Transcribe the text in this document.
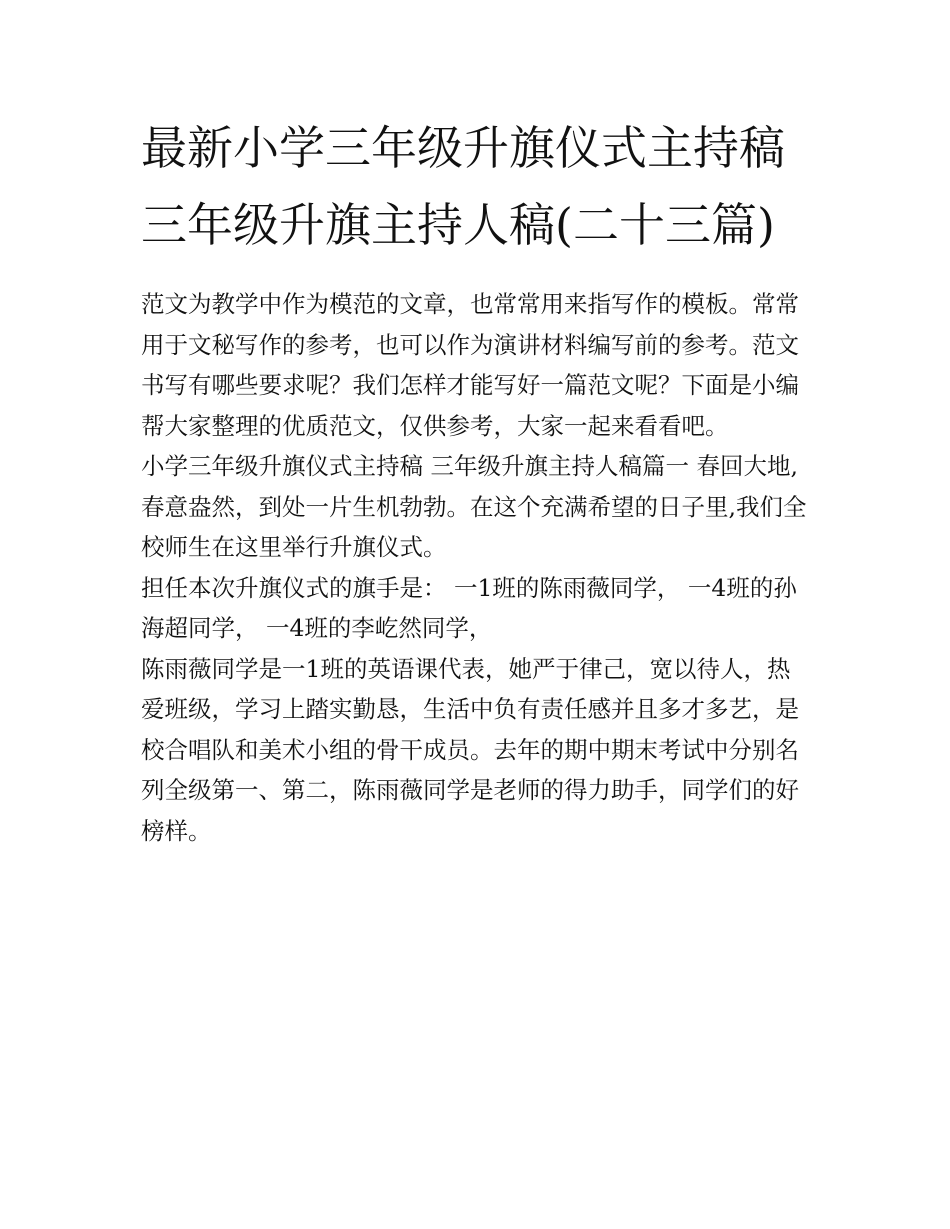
最新小学三年级升旗仪式主持稿 三年级升旗主持人稿(二十三篇)

范文为教学中作为模范的文章，也常常用来指写作的模板。常常用于文秘写作的参考，也可以作为演讲材料编写前的参考。范文书写有哪些要求呢？我们怎样才能写好一篇范文呢？下面是小编帮大家整理的优质范文，仅供参考，大家一起来看看吧。

小学三年级升旗仪式主持稿 三年级升旗主持人稿篇一 春回大地,春意盎然，到处一片生机勃勃。在这个充满希望的日子里,我们全校师生在这里举行升旗仪式。

担任本次升旗仪式的旗手是： 一1班的陈雨薇同学， 一4班的孙海超同学， 一4班的李屹然同学，

陈雨薇同学是一1班的英语课代表，她严于律己，宽以待人，热爱班级，学习上踏实勤恳，生活中负有责任感并且多才多艺，是校合唱队和美术小组的骨干成员。去年的期中期末考试中分别名列全级第一、第二，陈雨薇同学是老师的得力助手，同学们的好榜样。
